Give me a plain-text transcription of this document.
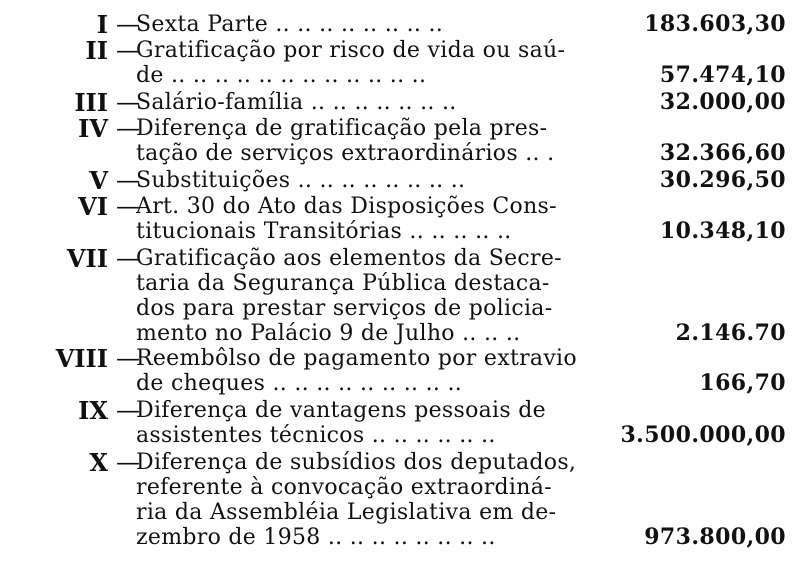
I —
Sexta Parte .. .. .. .. .. .. .. ..	183.603,30
II —
Gratificação por risco de vida ou saú-
de .. .. .. .. .. .. .. .. .. .. .. ..	57.474,10
III —
Salário-família .. .. .. .. .. .. ..	32.000,00
IV —
Diferença de gratificação pela pres-
tação de serviços extraordinários .. .	32.366,60
V —
Substituições .. .. .. .. .. .. .. ..	30.296,50
VI —
Art. 30 do Ato das Disposições Cons-
titucionais Transitórias .. .. .. .. ..	10.348,10
VII —
Gratificação aos elementos da Secre-
taria da Segurança Pública destaca-
dos para prestar serviços de policia-
mento no Palácio 9 de Julho .. .. ..	2.146.70
VIII —
Reembôlso de pagamento por extravio
de cheques .. .. .. .. .. .. .. .. ..	166,70
IX —
Diferença de vantagens pessoais de
assistentes técnicos .. .. .. .. .. ..	3.500.000,00
X —
Diferença de subsídios dos deputados,
referente à convocação extraordiná-
ria da Assembléia Legislativa em de-
zembro de 1958 .. .. .. .. .. .. .. ..	973.800,00
